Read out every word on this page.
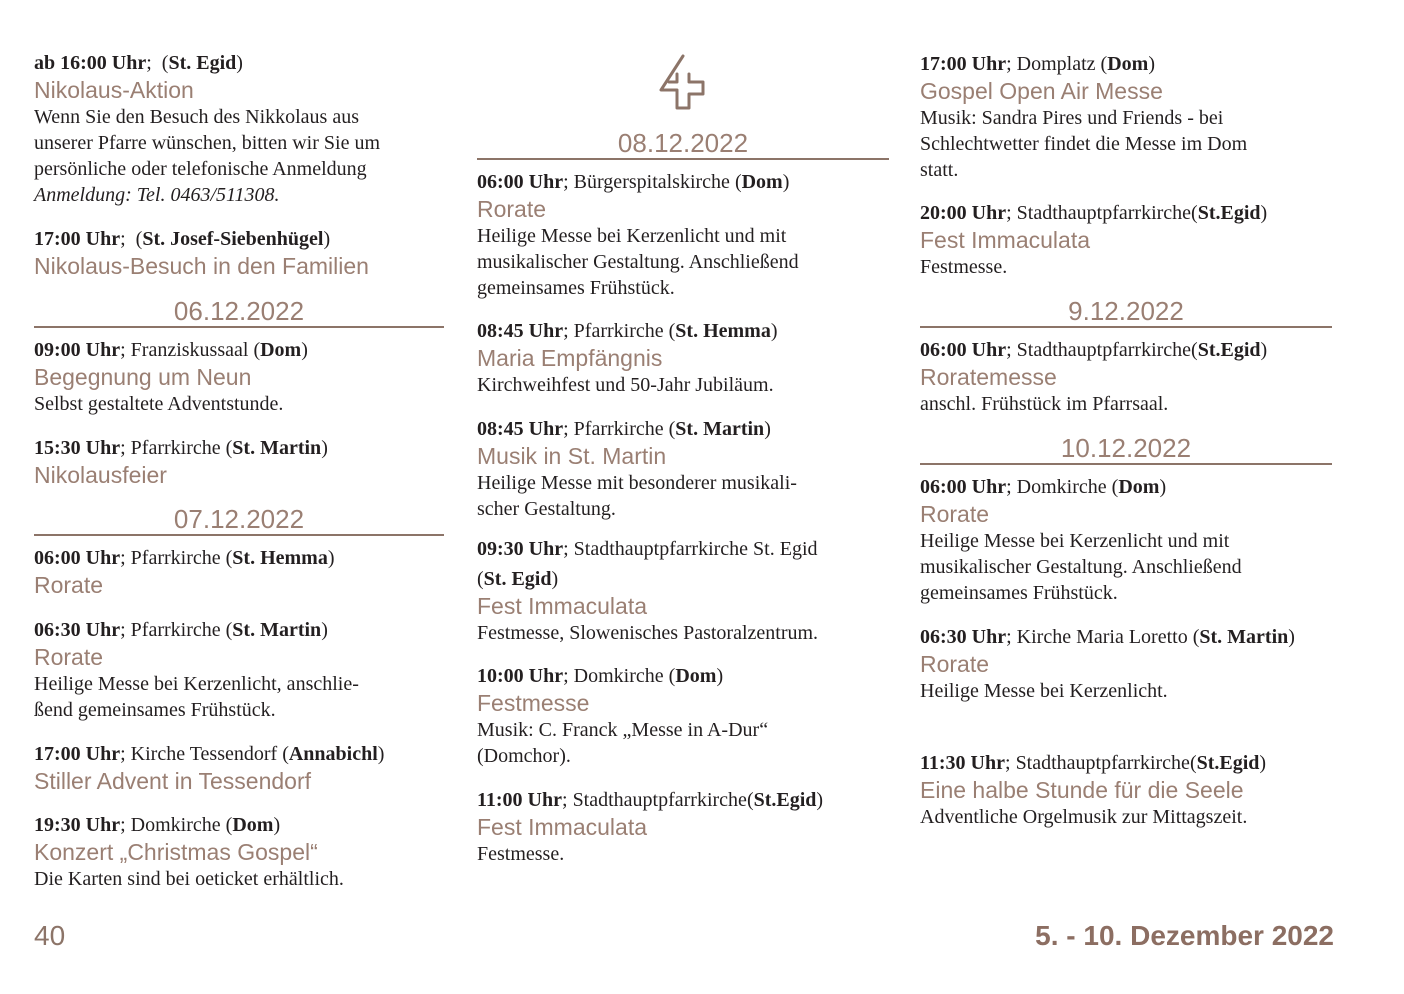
ab 16:00 Uhr;  (St. Egid)
Nikolaus-Aktion
Wenn Sie den Besuch des Nikkolaus aus
unserer Pfarre wünschen, bitten wir Sie um
persönliche oder telefonische Anmeldung
Anmeldung: Tel. 0463/511308.
17:00 Uhr;  (St. Josef-Siebenhügel)
Nikolaus-Besuch in den Familien
06.12.2022
09:00 Uhr; Franziskussaal (Dom)
Begegnung um Neun
Selbst gestaltete Adventstunde.
15:30 Uhr; Pfarrkirche (St. Martin)
Nikolausfeier
07.12.2022
06:00 Uhr; Pfarrkirche (St. Hemma)
Rorate
06:30 Uhr; Pfarrkirche (St. Martin)
Rorate
Heilige Messe bei Kerzenlicht, anschlie-
ßend gemeinsames Frühstück.
17:00 Uhr; Kirche Tessendorf (Annabichl)
Stiller Advent in Tessendorf
19:30 Uhr; Domkirche (Dom)
Konzert „Christmas Gospel“
Die Karten sind bei oeticket erhältlich.
08.12.2022
06:00 Uhr; Bürgerspitalskirche (Dom)
Rorate
Heilige Messe bei Kerzenlicht und mit
musikalischer Gestaltung. Anschließend
gemeinsames Frühstück.
08:45 Uhr; Pfarrkirche (St. Hemma)
Maria Empfängnis
Kirchweihfest und 50-Jahr Jubiläum.
08:45 Uhr; Pfarrkirche (St. Martin)
Musik in St. Martin
Heilige Messe mit besonderer musikali-
scher Gestaltung.
09:30 Uhr; Stadthauptpfarrkirche St. Egid
(St. Egid)
Fest Immaculata
Festmesse, Slowenisches Pastoralzentrum.
10:00 Uhr; Domkirche (Dom)
Festmesse
Musik: C. Franck „Messe in A-Dur“
(Domchor).
11:00 Uhr; Stadthauptpfarrkirche(St.Egid)
Fest Immaculata
Festmesse.
17:00 Uhr; Domplatz (Dom)
Gospel Open Air Messe
Musik: Sandra Pires und Friends - bei
Schlechtwetter findet die Messe im Dom
statt.
20:00 Uhr; Stadthauptpfarrkirche(St.Egid)
Fest Immaculata
Festmesse.
9.12.2022
06:00 Uhr; Stadthauptpfarrkirche(St.Egid)
Roratemesse
anschl. Frühstück im Pfarrsaal.
10.12.2022
06:00 Uhr; Domkirche (Dom)
Rorate
Heilige Messe bei Kerzenlicht und mit
musikalischer Gestaltung. Anschließend
gemeinsames Frühstück.
06:30 Uhr; Kirche Maria Loretto (St. Martin)
Rorate
Heilige Messe bei Kerzenlicht.
11:30 Uhr; Stadthauptpfarrkirche(St.Egid)
Eine halbe Stunde für die Seele
Adventliche Orgelmusik zur Mittagszeit.
40	5. - 10. Dezember 2022
